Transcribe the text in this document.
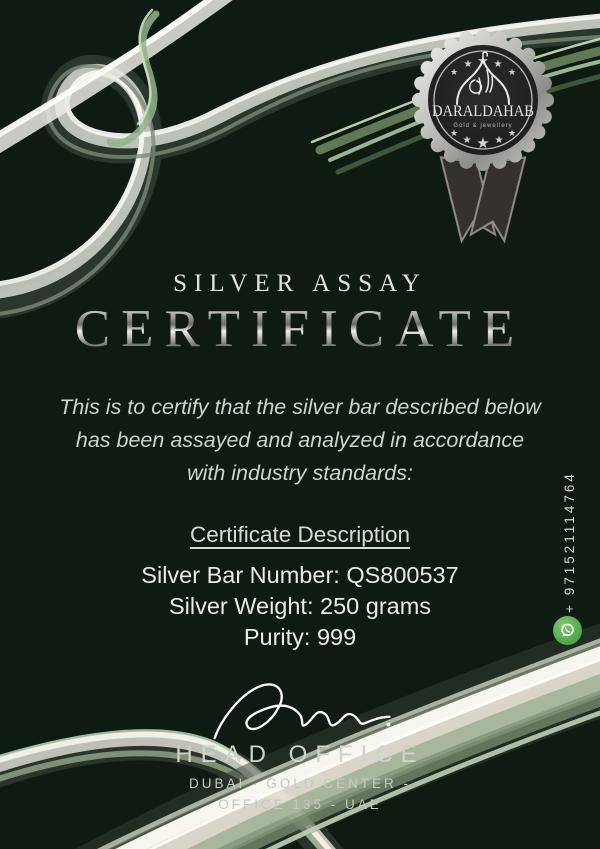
★
★ ★ ★
★
DARALDAHAB
Gold & jewellery
★
★ ★ ★
★
SILVER ASSAY
CERTIFICATE
This is to certify that the silver bar described below
has been assayed and analyzed in accordance
with industry standards:
Certificate Description
Silver Bar Number: QS800537
Silver Weight: 250 grams
Purity: 999
HEAD OFFICE
DUBAI - GOLD CENTER -
OFFICE 135 - UAE
+ 971521114764
